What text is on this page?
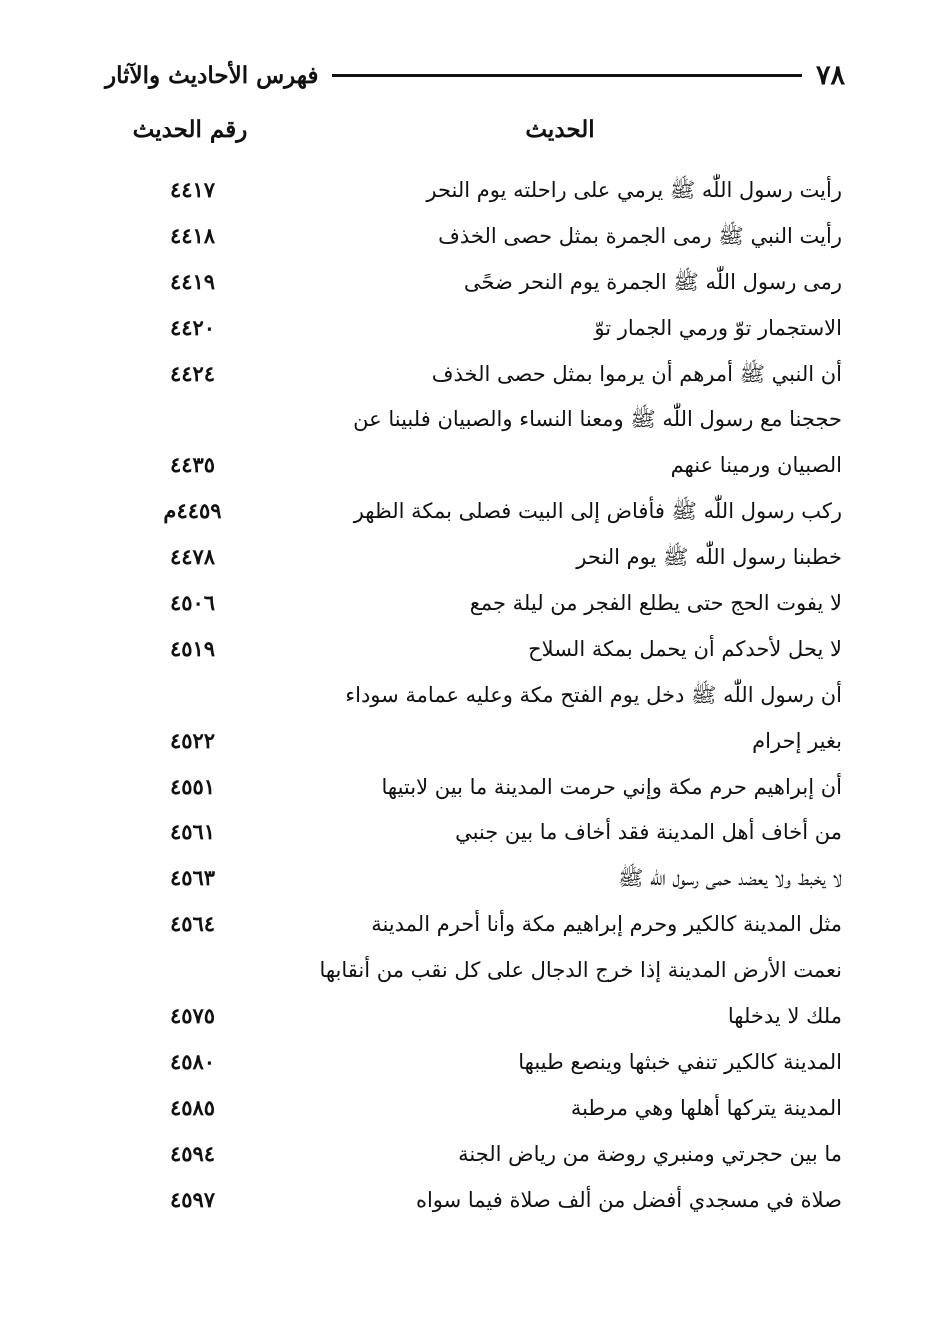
٧٨
فهرس الأحاديث والآثار
الحديث
رقم الحديث
رأيت رسول اللّٰه ﷺ يرمي على راحلته يوم النحر
٤٤١٧
رأيت النبي ﷺ رمى الجمرة بمثل حصى الخذف
٤٤١٨
رمى رسول اللّٰه ﷺ الجمرة يوم النحر ضحًى
٤٤١٩
الاستجمار توّ ورمي الجمار توّ
٤٤٢٠
أن النبي ﷺ أمرهم أن يرموا بمثل حصى الخذف
٤٤٢٤
حججنا مع رسول اللّٰه ﷺ ومعنا النساء والصبيان فلبينا عن
الصبيان ورمينا عنهم
٤٤٣٥
ركب رسول اللّٰه ﷺ فأفاض إلى البيت فصلى بمكة الظهر
٤٤٥٩م
خطبنا رسول اللّٰه ﷺ يوم النحر
٤٤٧٨
لا يفوت الحج حتى يطلع الفجر من ليلة جمع
٤٥٠٦
لا يحل لأحدكم أن يحمل بمكة السلاح
٤٥١٩
أن رسول اللّٰه ﷺ دخل يوم الفتح مكة وعليه عمامة سوداء
بغير إحرام
٤٥٢٢
أن إبراهيم حرم مكة وإني حرمت المدينة ما بين لابتيها
٤٥٥١
من أخاف أهل المدينة فقد أخاف ما بين جنبي
٤٥٦١
لا يخبط ولا يعضد حمى رسول اللّٰه ﷺ
٤٥٦٣
مثل المدينة كالكير وحرم إبراهيم مكة وأنا أحرم المدينة
٤٥٦٤
نعمت الأرض المدينة إذا خرج الدجال على كل نقب من أنقابها
ملك لا يدخلها
٤٥٧٥
المدينة كالكير تنفي خبثها وينصع طيبها
٤٥٨٠
المدينة يتركها أهلها وهي مرطبة
٤٥٨٥
ما بين حجرتي ومنبري روضة من رياض الجنة
٤٥٩٤
صلاة في مسجدي أفضل من ألف صلاة فيما سواه
٤٥٩٧
